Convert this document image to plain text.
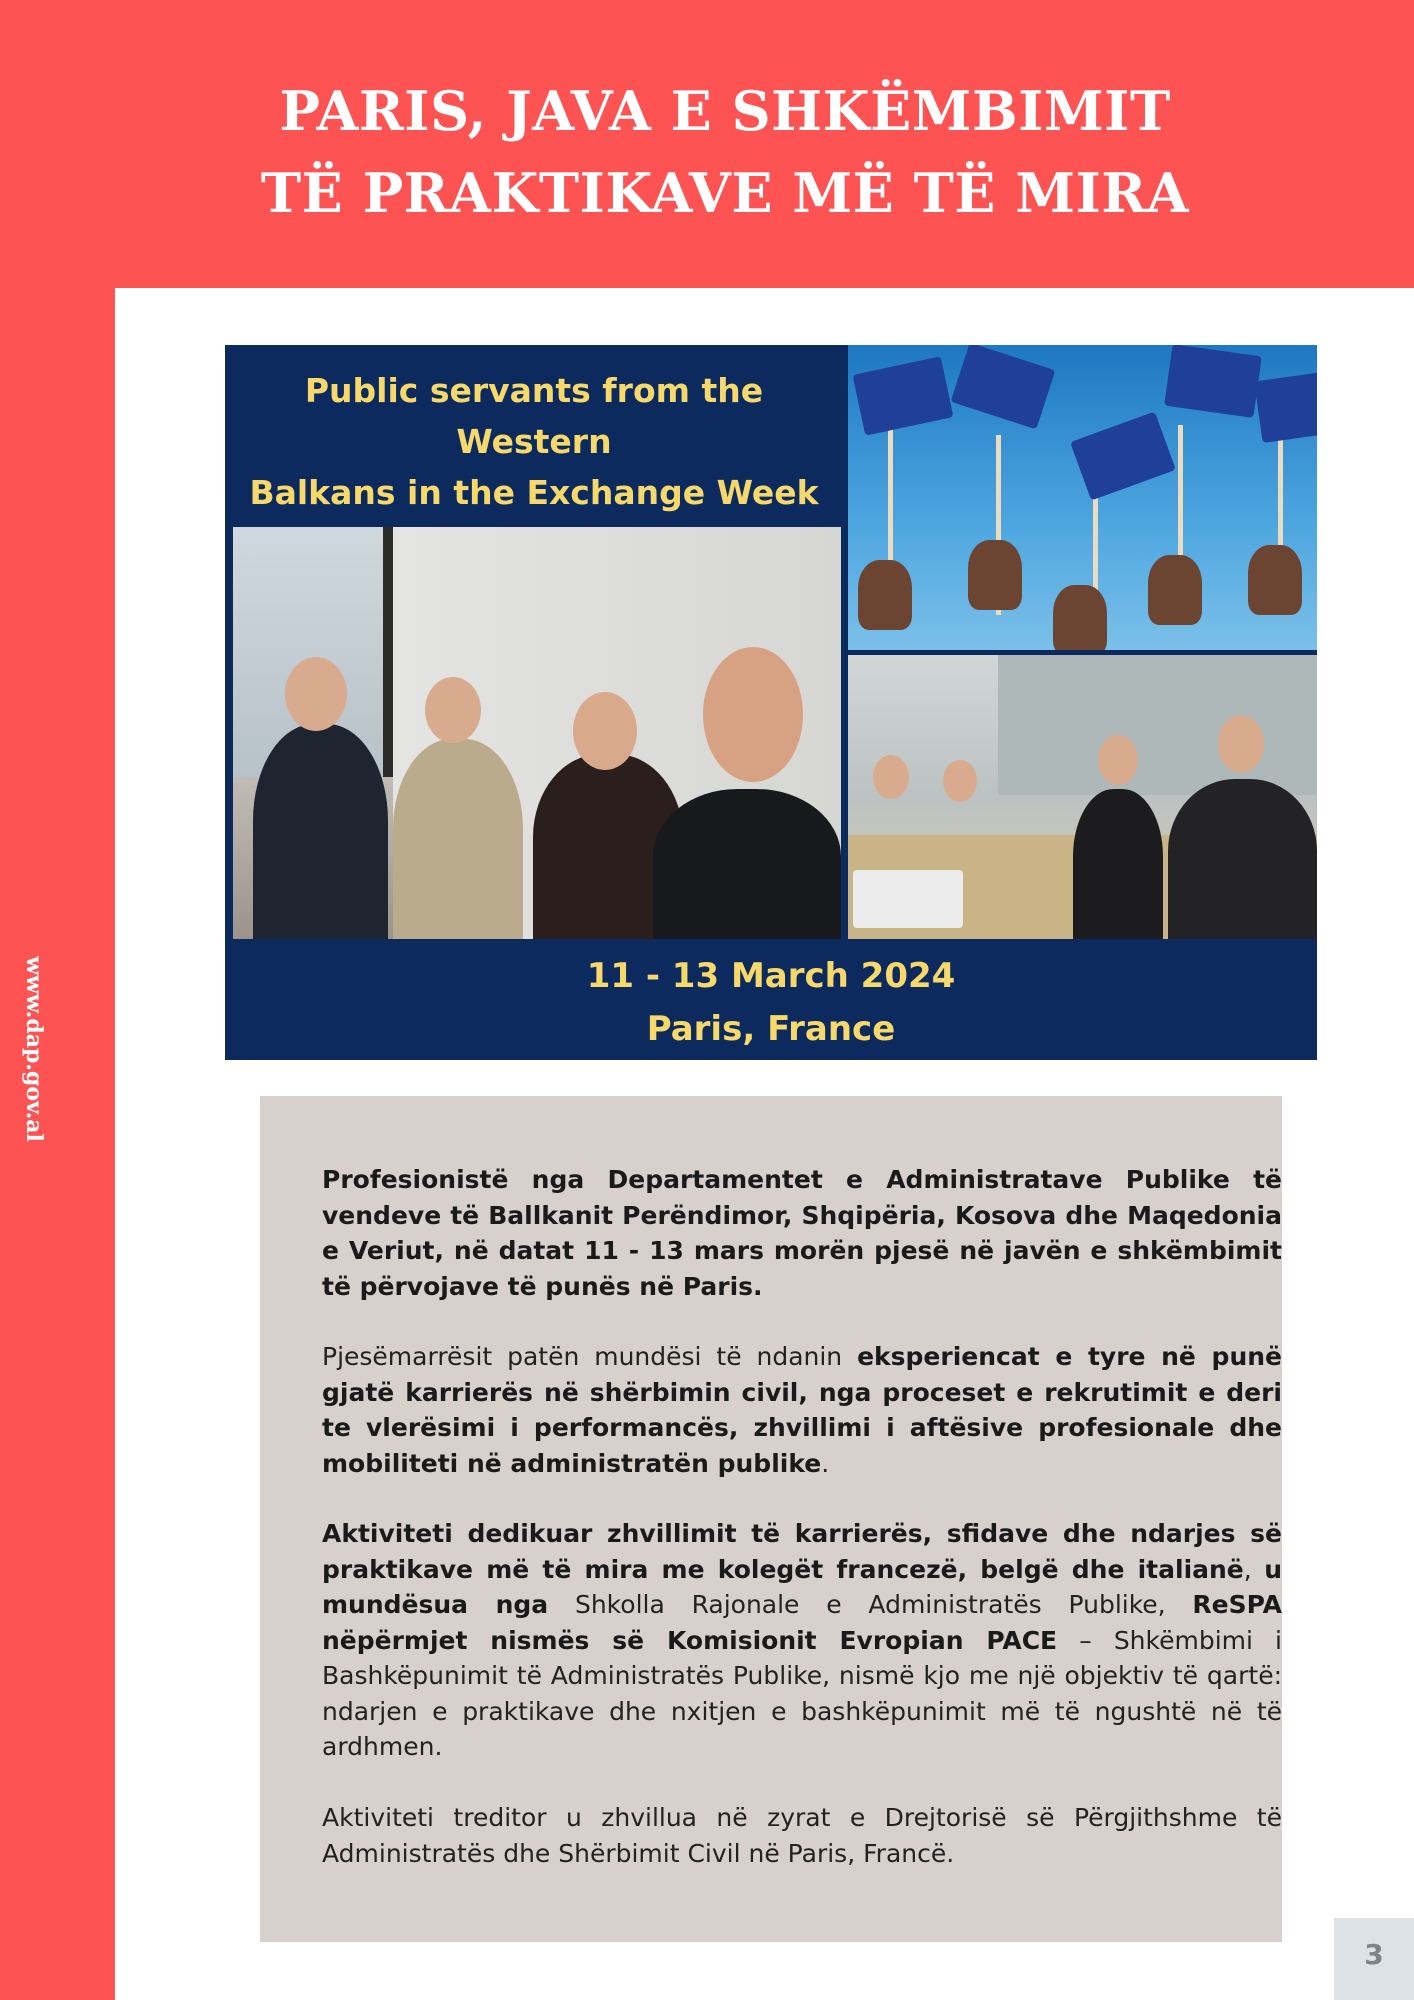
PARIS, JAVA E SHKËMBIMIT
TË PRAKTIKAVE MË TË MIRA
www.dap.gov.al
Public servants from the Western
Balkans in the Exchange Week
11 - 13 March 2024
Paris, France

Profesionistë nga Departamentet e Administratave Publike të vendeve të Ballkanit Perëndimor, Shqipëria, Kosova dhe Maqedonia e Veriut, në datat 11 - 13 mars morën pjesë në javën e shkëmbimit të përvojave të punës në Paris.

Pjesëmarrësit patën mundësi të ndanin eksperiencat e tyre në punë gjatë karrierës në shërbimin civil, nga proceset e rekrutimit e deri te vlerësimi i performancës, zhvillimi i aftësive profesionale dhe mobiliteti në administratën publike.

Aktiviteti dedikuar zhvillimit të karrierës, sfidave dhe ndarjes së praktikave më të mira me kolegët francezë, belgë dhe italianë, u mundësua nga Shkolla Rajonale e Administratës Publike, ReSPA nëpërmjet nismës së Komisionit Evropian PACE – Shkëmbimi i Bashkëpunimit të Administratës Publike, nismë kjo me një objektiv të qartë: ndarjen e praktikave dhe nxitjen e bashkëpunimit më të ngushtë në të ardhmen.

Aktiviteti treditor u zhvillua në zyrat e Drejtorisë së Përgjithshme të Administratës dhe Shërbimit Civil në Paris, Francë.

3
